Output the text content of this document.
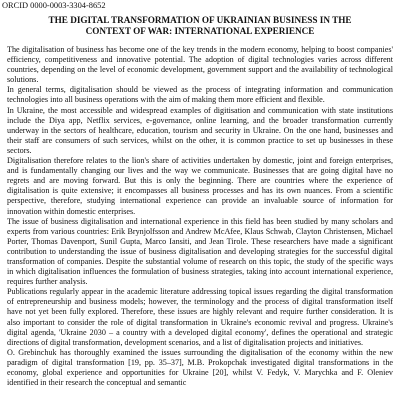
ORCID 0000-0003-3304-8652
THE DIGITAL TRANSFORMATION OF UKRAINIAN BUSINESS IN THE
CONTEXT OF WAR: INTERNATIONAL EXPERIENCE

The digitalisation of business has become one of the key trends in the modern economy, helping to boost companies' efficiency, competitiveness and innovative potential. The adoption of digital technologies varies across different countries, depending on the level of economic development, government support and the availability of technological solutions.

In general terms, digitalisation should be viewed as the process of integrating information and communication technologies into all business operations with the aim of making them more efficient and flexible.

In Ukraine, the most accessible and widespread examples of digitisation and communication with state institutions include the Diya app, Netflix services, e-governance, online learning, and the broader transformation currently underway in the sectors of healthcare, education, tourism and security in Ukraine. On the one hand, businesses and their staff are consumers of such services, whilst on the other, it is common practice to set up businesses in these sectors.

Digitalisation therefore relates to the lion's share of activities undertaken by domestic, joint and foreign enterprises, and is fundamentally changing our lives and the way we communicate. Businesses that are going digital have no regrets and are moving forward. But this is only the beginning. There are countries where the experience of digitalisation is quite extensive; it encompasses all business processes and has its own nuances. From a scientific perspective, therefore, studying international experience can provide an invaluable source of information for innovation within domestic enterprises.

The issue of business digitalisation and international experience in this field has been studied by many scholars and experts from various countries: Erik Brynjolfsson and Andrew McAfee, Klaus Schwab, Clayton Christensen, Michael Porter, Thomas Davenport, Sunil Gupta, Marco Iansiti, and Jean Tirole. These researchers have made a significant contribution to understanding the issue of business digitalisation and developing strategies for the successful digital transformation of companies. Despite the substantial volume of research on this topic, the study of the specific ways in which digitalisation influences the formulation of business strategies, taking into account international experience, requires further analysis.

Publications regularly appear in the academic literature addressing topical issues regarding the digital transformation of entrepreneurship and business models; however, the terminology and the process of digital transformation itself have not yet been fully explored. Therefore, these issues are highly relevant and require further consideration. It is also important to consider the role of digital transformation in Ukraine's economic revival and progress. Ukraine's digital agenda, 'Ukraine 2030 – a country with a developed digital economy', defines the operational and strategic directions of digital transformation, development scenarios, and a list of digitalisation projects and initiatives.

O. Grebinchuk has thoroughly examined the issues surrounding the digitalisation of the economy within the new paradigm of digital transformation [19, pp. 35–37], M.B. Prokopchak investigated digital transformations in the economy, global experience and opportunities for Ukraine [20], whilst V. Fedyk, V. Marychka and F. Oleniev identified in their research the conceptual and semantic
